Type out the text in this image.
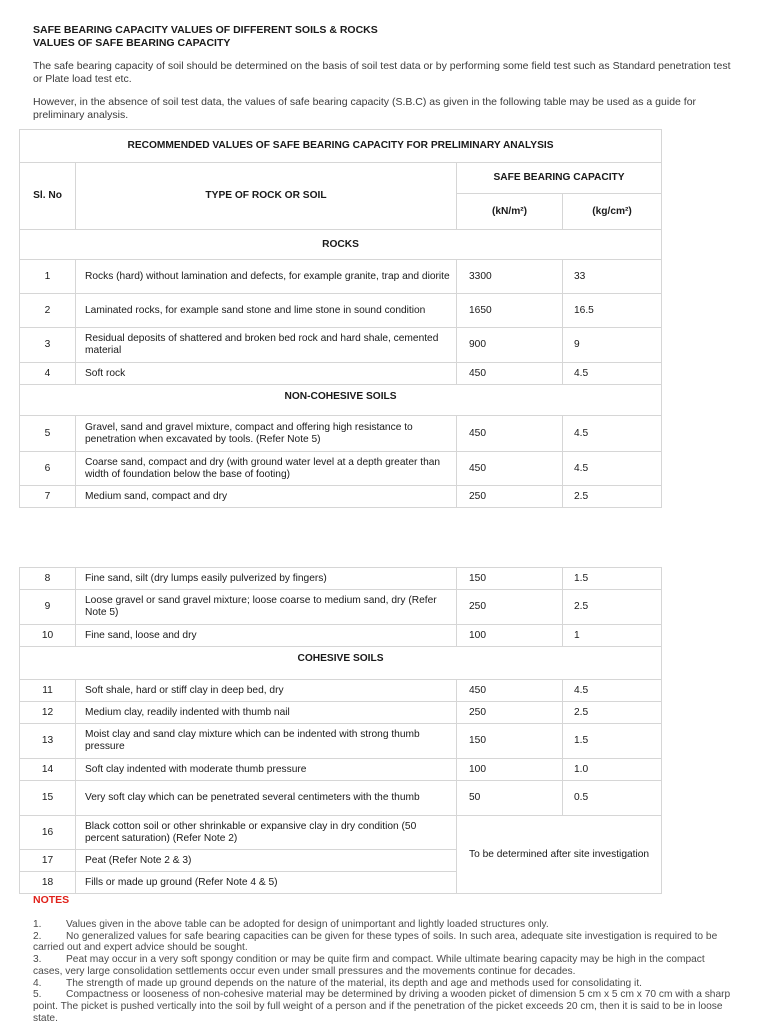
SAFE BEARING CAPACITY VALUES OF DIFFERENT SOILS & ROCKS
VALUES OF SAFE BEARING CAPACITY
The safe bearing capacity of soil should be determined on the basis of soil test data or by performing some field test such as Standard penetration test or Plate load test etc.
However, in the absence of soil test data, the values of safe bearing capacity (S.B.C) as given in the following table may be used as a guide for preliminary analysis.
RECOMMENDED VALUES OF SAFE BEARING CAPACITY FOR PRELIMINARY ANALYSIS			
Sl. No	TYPE OF ROCK OR SOIL	SAFE BEARING CAPACITY	
		(kN/m²)	(kg/cm²)
ROCKS			
1	Rocks (hard) without lamination and defects, for example granite, trap and diorite	3300	33
2	Laminated rocks, for example sand stone and lime stone in sound condition	1650	16.5
3	Residual deposits of shattered and broken bed rock and hard shale, cemented material	900	9
4	Soft rock	450	4.5
NON-COHESIVE SOILS			
5	Gravel, sand and gravel mixture, compact and offering high resistance to penetration when excavated by tools. (Refer Note 5)	450	4.5
6	Coarse sand, compact and dry (with ground water level at a depth greater than width of foundation below the base of footing)	450	4.5
7	Medium sand, compact and dry	250	2.5
8	Fine sand, silt (dry lumps easily pulverized by fingers)	150	1.5
9	Loose gravel or sand gravel mixture; loose coarse to medium sand, dry (Refer Note 5)	250	2.5
10	Fine sand, loose and dry	100	1
COHESIVE SOILS			
11	Soft shale, hard or stiff clay in deep bed, dry	450	4.5
12	Medium clay, readily indented with thumb nail	250	2.5
13	Moist clay and sand clay mixture which can be indented with strong thumb pressure	150	1.5
14	Soft clay indented with moderate thumb pressure	100	1.0
15	Very soft clay which can be penetrated several centimeters with the thumb	50	0.5
16	Black cotton soil or other shrinkable or expansive clay in dry condition (50 percent saturation) (Refer Note 2)	To be determined after site investigation	
17	Peat (Refer Note 2 & 3)		
18	Fills or made up ground (Refer Note 4 & 5)		
NOTES
1. Values given in the above table can be adopted for design of unimportant and lightly loaded structures only.
2. No generalized values for safe bearing capacities can be given for these types of soils. In such area, adequate site investigation is required to be carried out and expert advice should be sought.
3. Peat may occur in a very soft spongy condition or may be quite firm and compact. While ultimate bearing capacity may be high in the compact cases, very large consolidation settlements occur even under small pressures and the movements continue for decades.
4. The strength of made up ground depends on the nature of the material, its depth and age and methods used for consolidating it.
5. Compactness or looseness of non-cohesive material may be determined by driving a wooden picket of dimension 5 cm x 5 cm x 70 cm with a sharp point. The picket is pushed vertically into the soil by full weight of a person and if the penetration of the picket exceeds 20 cm, then it is said to be in loose state.
